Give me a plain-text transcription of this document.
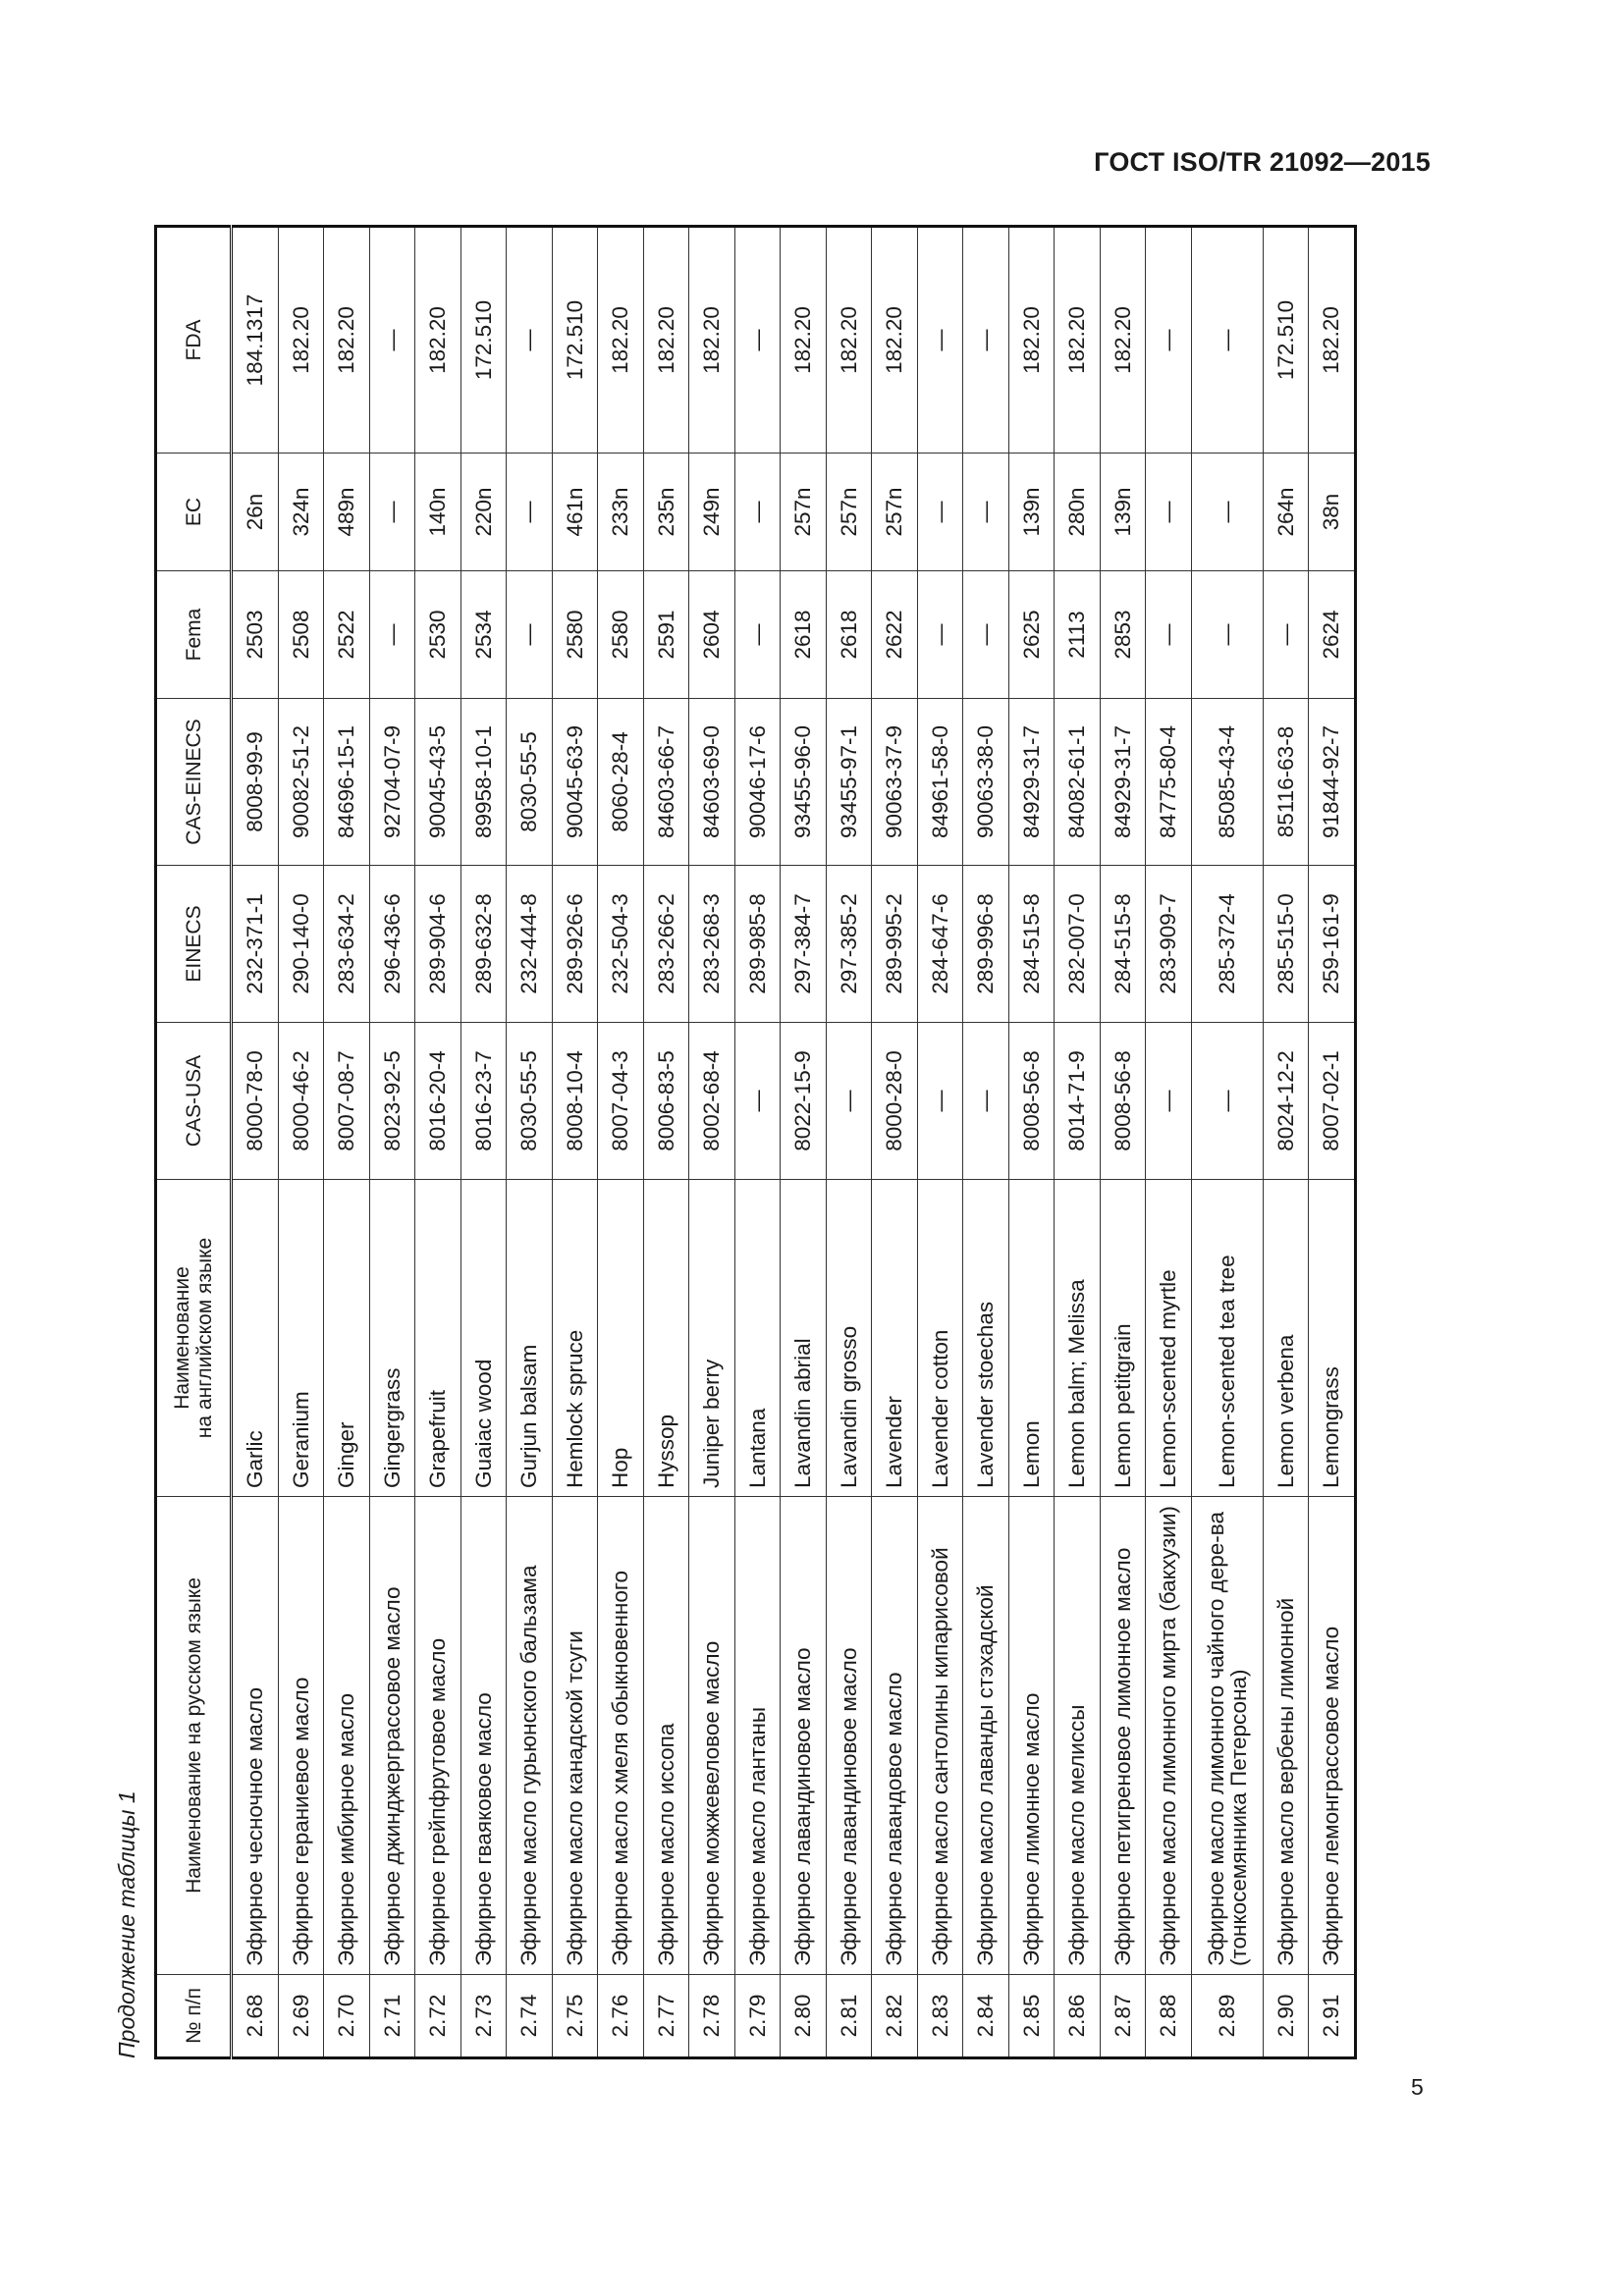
ГОСТ ISO/TR 21092—2015
Продолжение таблицы 1 № п/п	Наименование на русском языке	Наименование
на английском языке	CAS-USA	EINECS	CAS-EINECS	Fema	EC	FDA
2.68	Эфирное чесночное масло	Garlic	8000-78-0	232-371-1	8008-99-9	2503	26n	184.1317
2.69	Эфирное гераниевое масло	Geranium	8000-46-2	290-140-0	90082-51-2	2508	324n	182.20
2.70	Эфирное имбирное масло	Ginger	8007-08-7	283-634-2	84696-15-1	2522	489n	182.20
2.71	Эфирное джинджерграссовое масло	Gingergrass	8023-92-5	296-436-6	92704-07-9	—	—	—
2.72	Эфирное грейпфрутовое масло	Grapefruit	8016-20-4	289-904-6	90045-43-5	2530	140n	182.20
2.73	Эфирное гваяковое масло	Guaiac wood	8016-23-7	289-632-8	89958-10-1	2534	220n	172.510
2.74	Эфирное масло гурьюнского бальзама	Gurjun balsam	8030-55-5	232-444-8	8030-55-5	—	—	—
2.75	Эфирное масло канадской тсуги	Hemlock spruce	8008-10-4	289-926-6	90045-63-9	2580	461n	172.510
2.76	Эфирное масло хмеля обыкновенного	Hop	8007-04-3	232-504-3	8060-28-4	2580	233n	182.20
2.77	Эфирное масло иссопа	Hyssop	8006-83-5	283-266-2	84603-66-7	2591	235n	182.20
2.78	Эфирное можжевеловое масло	Juniper berry	8002-68-4	283-268-3	84603-69-0	2604	249n	182.20
2.79	Эфирное масло лантаны	Lantana	—	289-985-8	90046-17-6	—	—	—
2.80	Эфирное лавандиновое масло	Lavandin abrial	8022-15-9	297-384-7	93455-96-0	2618	257n	182.20
2.81	Эфирное лавандиновое масло	Lavandin grosso	—	297-385-2	93455-97-1	2618	257n	182.20
2.82	Эфирное лавандовое масло	Lavender	8000-28-0	289-995-2	90063-37-9	2622	257n	182.20
2.83	Эфирное масло сантолины кипарисовой	Lavender cotton	—	284-647-6	84961-58-0	—	—	—
2.84	Эфирное масло лаванды стэхадской	Lavender stoechas	—	289-996-8	90063-38-0	—	—	—
2.85	Эфирное лимонное масло	Lemon	8008-56-8	284-515-8	84929-31-7	2625	139n	182.20
2.86	Эфирное масло мелиссы	Lemon balm; Melissa	8014-71-9	282-007-0	84082-61-1	2113	280n	182.20
2.87	Эфирное петигреновое лимонное масло	Lemon petitgrain	8008-56-8	284-515-8	84929-31-7	2853	139n	182.20
2.88	Эфирное масло лимонного мирта (бакхузии)	Lemon-scented myrtle	—	283-909-7	84775-80-4	—	—	—
2.89	Эфирное масло лимонного чайного дере-ва (тонкосемянника Петерсона)	Lemon-scented tea tree	—	285-372-4	85085-43-4	—	—	—
2.90	Эфирное масло вербены лимонной	Lemon verbena	8024-12-2	285-515-0	85116-63-8	—	264n	172.510
2.91	Эфирное лемонграссовое масло	Lemongrass	8007-02-1	259-161-9	91844-92-7	2624	38n	182.20
5
